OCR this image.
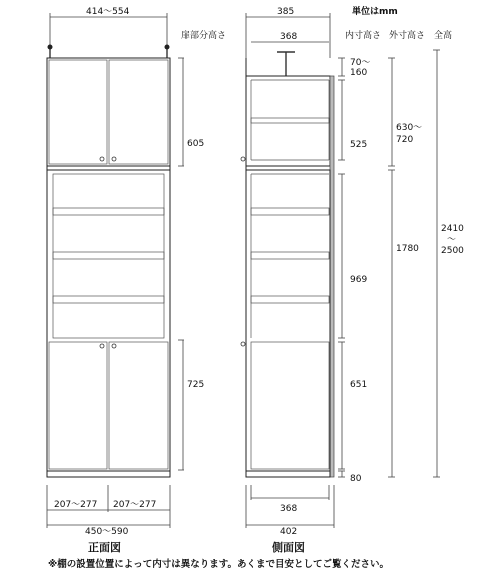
単位はmm
扉部分高さ	内寸高さ 外寸高さ 全高
414〜554
605
725
207〜277 207〜277
450〜590
正面図
385
368
70〜
160
525
969
651
80
630〜
720
1780
2410
〜
2500
368
402
側面図
※棚の設置位置によって内寸は異なります。あくまで目安としてご覧ください。
